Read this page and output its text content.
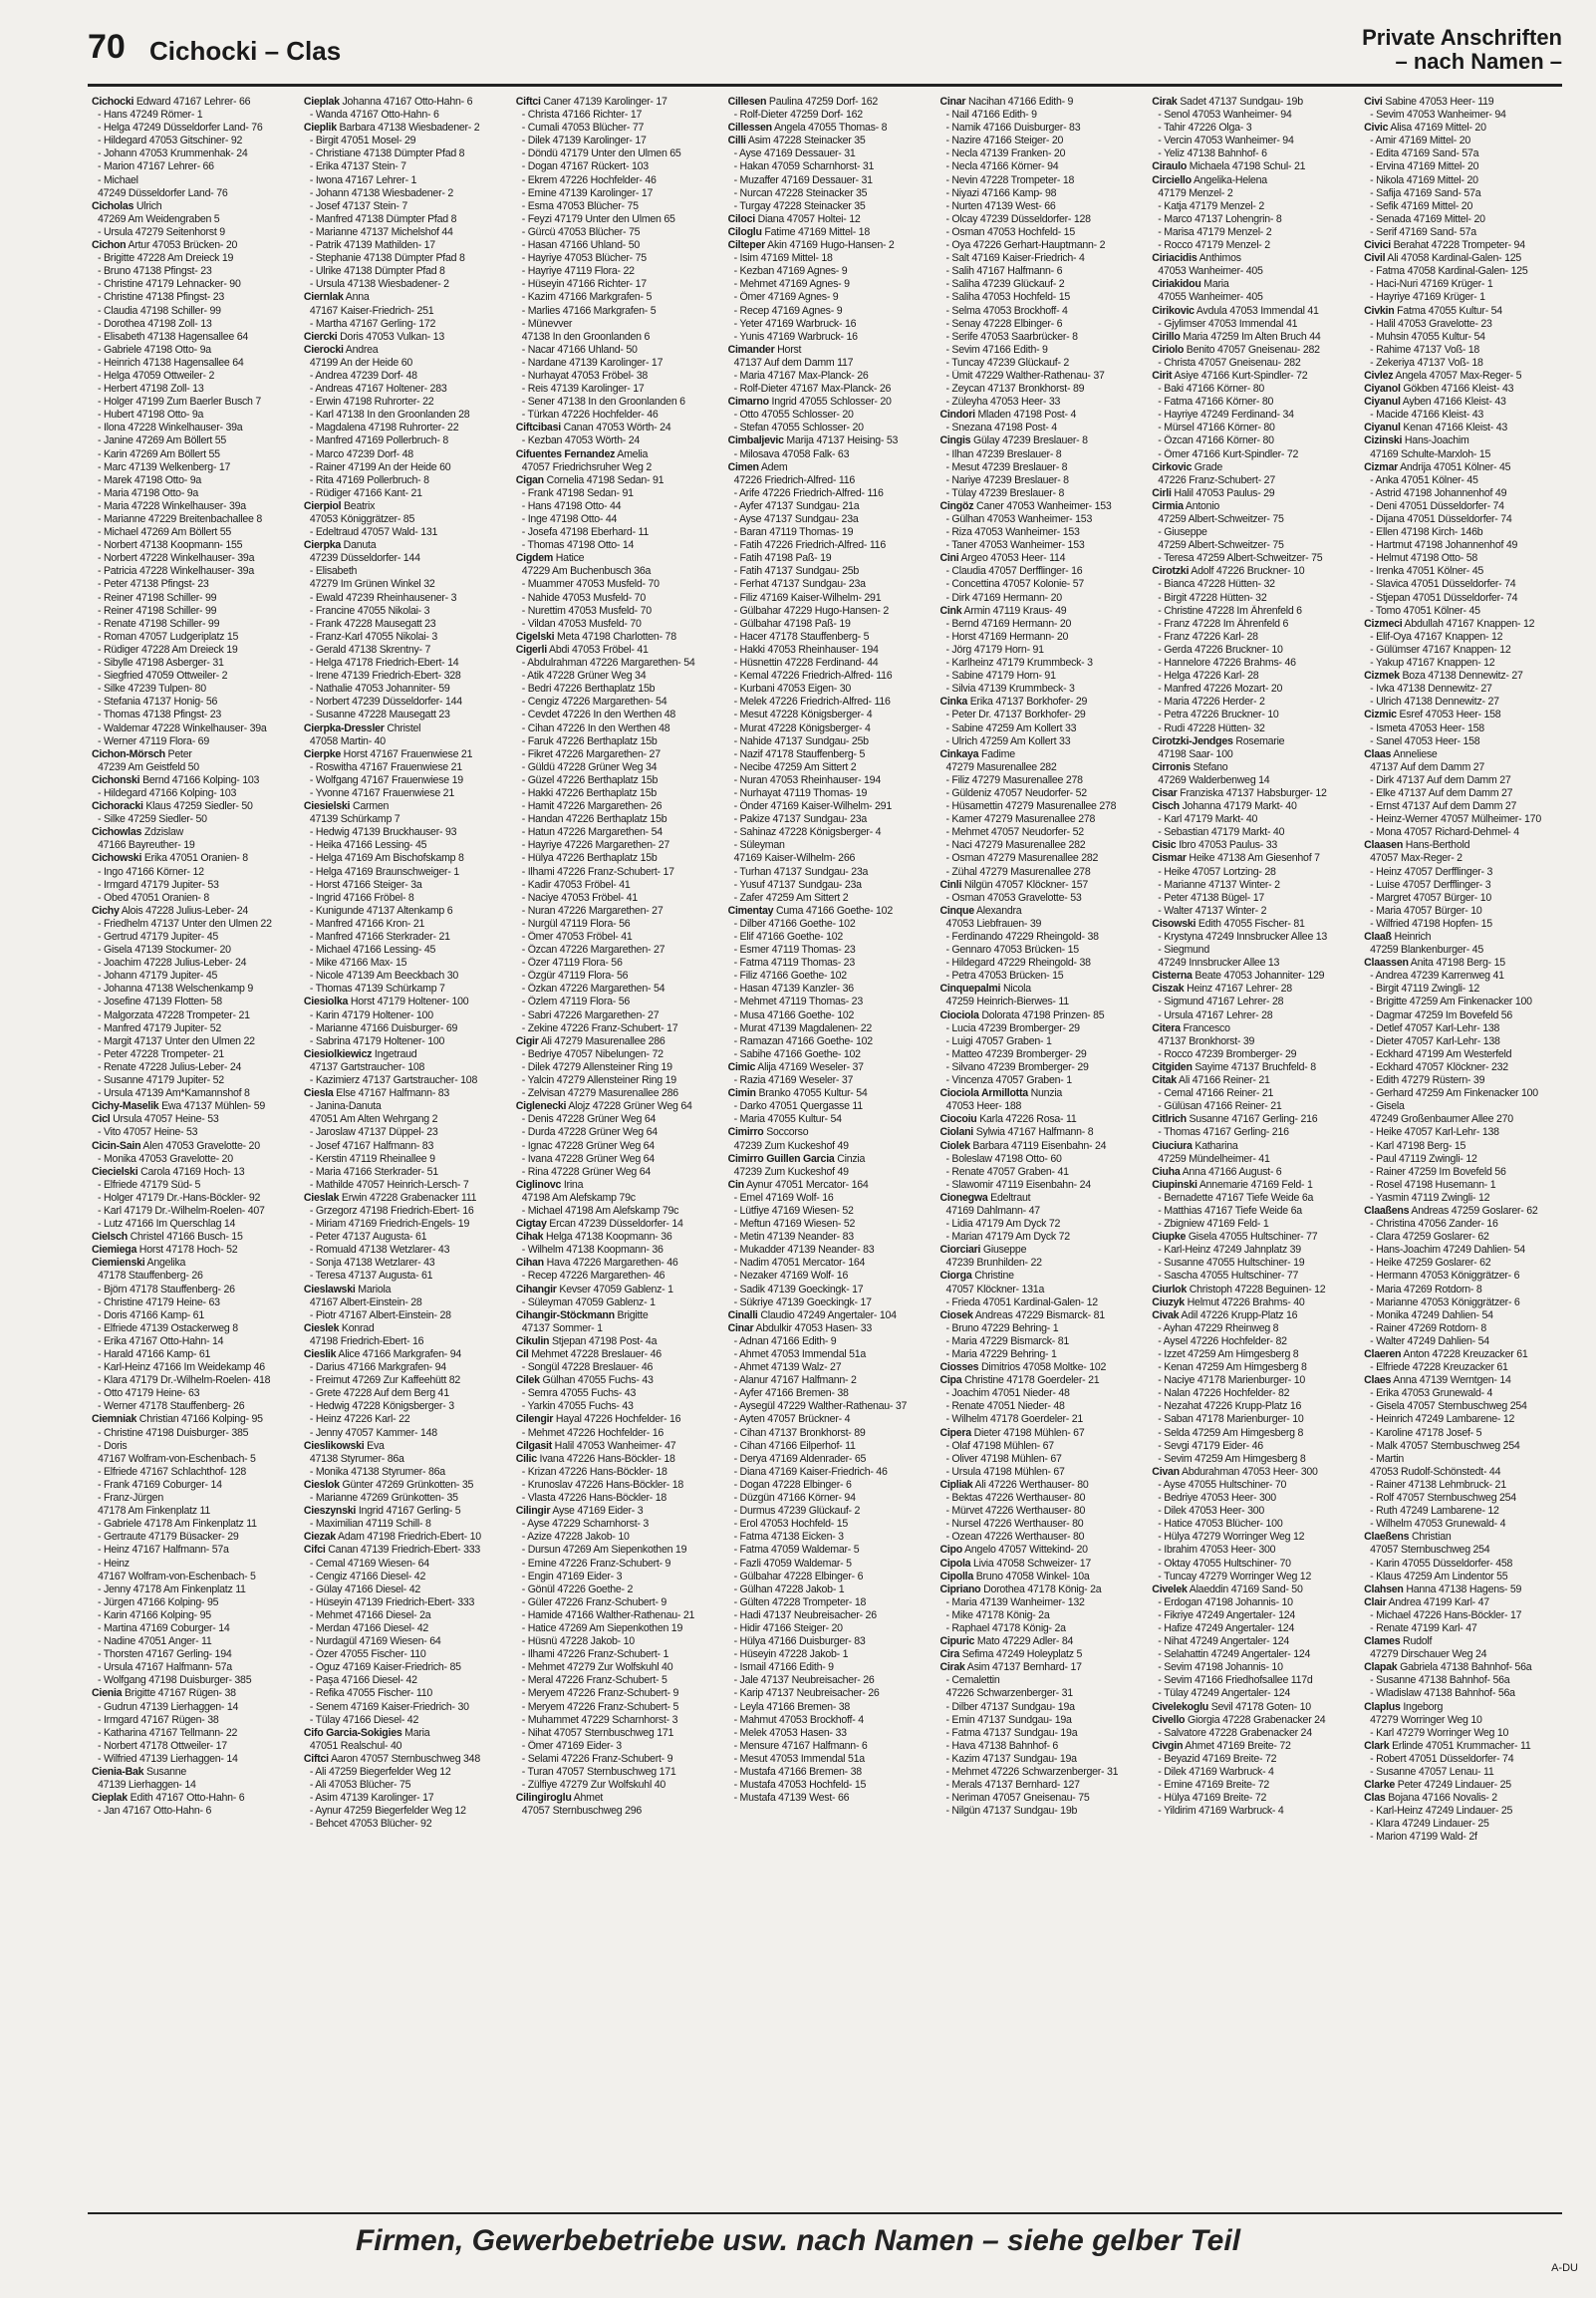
70 Cichocki – Clas	Private Anschriften
– nach Namen –
Cichocki Edward 47167 Lehrer- 66
- Hans 47249 Römer- 1
- Helga 47249 Düsseldorfer Land- 76
- Hildegard 47053 Gitschiner- 92
- Johann 47053 Krummenhak- 24
- Marion 47167 Lehrer- 66
- Michael
47249 Düsseldorfer Land- 76
Cicholas Ulrich
47269 Am Weidengraben 5
- Ursula 47279 Seitenhorst 9
Cichon Artur 47053 Brücken- 20
- Brigitte 47228 Am Dreieck 19
- Bruno 47138 Pfingst- 23
- Christine 47179 Lehnacker- 90
- Christine 47138 Pfingst- 23
- Claudia 47198 Schiller- 99
- Dorothea 47198 Zoll- 13
- Elisabeth 47138 Hagensallee 64
- Gabriele 47198 Otto- 9a
- Heinrich 47138 Hagensallee 64
- Helga 47059 Ottweiler- 2
- Herbert 47198 Zoll- 13
- Holger 47199 Zum Baerler Busch 7
- Hubert 47198 Otto- 9a
- Ilona 47228 Winkelhauser- 39a
- Janine 47269 Am Böllert 55
- Karin 47269 Am Böllert 55
- Marc 47139 Welkenberg- 17
- Marek 47198 Otto- 9a
- Maria 47198 Otto- 9a
- Maria 47228 Winkelhauser- 39a
- Marianne 47229 Breitenbachallee 8
- Michael 47269 Am Böllert 55
- Norbert 47138 Koopmann- 155
- Norbert 47228 Winkelhauser- 39a
- Patricia 47228 Winkelhauser- 39a
- Peter 47138 Pfingst- 23
- Reiner 47198 Schiller- 99
- Reiner 47198 Schiller- 99
- Renate 47198 Schiller- 99
- Roman 47057 Ludgeriplatz 15
- Rüdiger 47228 Am Dreieck 19
- Sibylle 47198 Asberger- 31
- Siegfried 47059 Ottweiler- 2
- Silke 47239 Tulpen- 80
- Stefania 47137 Honig- 56
- Thomas 47138 Pfingst- 23
- Waldemar 47228 Winkelhauser- 39a
- Werner 47119 Flora- 69
Cichon-Mörsch Peter
47239 Am Geistfeld 50
Cichonski Bernd 47166 Kolping- 103
- Hildegard 47166 Kolping- 103
Cichoracki Klaus 47259 Siedler- 50
- Silke 47259 Siedler- 50
Cichowlas Zdzislaw
47166 Bayreuther- 19
Cichowski Erika 47051 Oranien- 8
- Ingo 47166 Körner- 12
- Irmgard 47179 Jupiter- 53
- Obed 47051 Oranien- 8
Cichy Alois 47228 Julius-Leber- 24
- Friedhelm 47137 Unter den Ulmen 22
- Gertrud 47179 Jupiter- 45
- Gisela 47139 Stockumer- 20
- Joachim 47228 Julius-Leber- 24
- Johann 47179 Jupiter- 45
- Johanna 47138 Welschenkamp 9
- Josefine 47139 Flotten- 58
- Malgorzata 47228 Trompeter- 21
- Manfred 47179 Jupiter- 52
- Margit 47137 Unter den Ulmen 22
- Peter 47228 Trompeter- 21
- Renate 47228 Julius-Leber- 24
- Susanne 47179 Jupiter- 52
- Ursula 47139 Am*Kamannshof 8
Cichy-Maselik Ewa 47137 Mühlen- 59
Cicl Ursula 47057 Heine- 53
- Vito 47057 Heine- 53
Cicin-Sain Alen 47053 Gravelotte- 20
- Monika 47053 Gravelotte- 20
Ciecielski Carola 47169 Hoch- 13
- Elfriede 47179 Süd- 5
- Holger 47179 Dr.-Hans-Böckler- 92
- Karl 47179 Dr.-Wilhelm-Roelen- 407
- Lutz 47166 Im Querschlag 14
Cielsch Christel 47166 Busch- 15
Ciemiega Horst 47178 Hoch- 52
Ciemienski Angelika
47178 Stauffenberg- 26
- Björn 47178 Stauffenberg- 26
- Christine 47179 Heine- 63
- Doris 47166 Kamp- 61
- Elfriede 47139 Ostackerweg 8
- Erika 47167 Otto-Hahn- 14
- Harald 47166 Kamp- 61
- Karl-Heinz 47166 Im Weidekamp 46
- Klara 47179 Dr.-Wilhelm-Roelen- 418
- Otto 47179 Heine- 63
- Werner 47178 Stauffenberg- 26
Ciemniak Christian 47166 Kolping- 95
- Christine 47198 Duisburger- 385
- Doris
47167 Wolfram-von-Eschenbach- 5
- Elfriede 47167 Schlachthof- 128
- Frank 47169 Coburger- 14
- Franz-Jürgen
47178 Am Finkenplatz 11
- Gabriele 47178 Am Finkenplatz 11
- Gertraute 47179 Büsacker- 29
- Heinz 47167 Halfmann- 57a
- Heinz
47167 Wolfram-von-Eschenbach- 5
- Jenny 47178 Am Finkenplatz 11
- Jürgen 47166 Kolping- 95
- Karin 47166 Kolping- 95
- Martina 47169 Coburger- 14
- Nadine 47051 Anger- 11
- Thorsten 47167 Gerling- 194
- Ursula 47167 Halfmann- 57a
- Wolfgang 47198 Duisburger- 385
Cienia Brigitte 47167 Rügen- 38
- Gudrun 47139 Lierhaggen- 14
- Irmgard 47167 Rügen- 38
- Katharina 47167 Tellmann- 22
- Norbert 47178 Ottweiler- 17
- Wilfried 47139 Lierhaggen- 14
Cienia-Bak Susanne
47139 Lierhaggen- 14
Cieplak Edith 47167 Otto-Hahn- 6
- Jan 47167 Otto-Hahn- 6
Cieplak Johanna 47167 Otto-Hahn- 6
- Wanda 47167 Otto-Hahn- 6
Cieplik Barbara 47138 Wiesbadener- 2
- Birgit 47051 Mosel- 29
- Christiane 47138 Dümpter Pfad 8
- Erika 47137 Stein- 7
- Iwona 47167 Lehrer- 1
- Johann 47138 Wiesbadener- 2
- Josef 47137 Stein- 7
- Manfred 47138 Dümpter Pfad 8
- Marianne 47137 Michelshof 44
- Patrik 47139 Mathilden- 17
- Stephanie 47138 Dümpter Pfad 8
- Ulrike 47138 Dümpter Pfad 8
- Ursula 47138 Wiesbadener- 2
Ciernlak Anna
47167 Kaiser-Friedrich- 251
- Martha 47167 Gerling- 172
Ciercki Doris 47053 Vulkan- 13
Cierocki Andrea
47199 An der Heide 60
- Andrea 47239 Dorf- 48
- Andreas 47167 Holtener- 283
- Erwin 47198 Ruhrorter- 22
- Karl 47138 In den Groonlanden 28
- Magdalena 47198 Ruhrorter- 22
- Manfred 47169 Pollerbruch- 8
- Marco 47239 Dorf- 48
- Rainer 47199 An der Heide 60
- Rita 47169 Pollerbruch- 8
- Rüdiger 47166 Kant- 21
Cierpiol Beatrix
47053 Königgrätzer- 85
- Edeltraud 47057 Wald- 131
Cierpka Danuta
47239 Düsseldorfer- 144
- Elisabeth
47279 Im Grünen Winkel 32
- Ewald 47239 Rheinhausener- 3
- Francine 47055 Nikolai- 3
- Frank 47228 Mausegatt 23
- Franz-Karl 47055 Nikolai- 3
- Gerald 47138 Skrentny- 7
- Helga 47178 Friedrich-Ebert- 14
- Irene 47139 Friedrich-Ebert- 328
- Nathalie 47053 Johanniter- 59
- Norbert 47239 Düsseldorfer- 144
- Susanne 47228 Mausegatt 23
Cierpka-Dressler Christel
47058 Martin- 40
Cierpke Horst 47167 Frauenwiese 21
- Roswitha 47167 Frauenwiese 21
- Wolfgang 47167 Frauenwiese 19
- Yvonne 47167 Frauenwiese 21
Ciesielski Carmen
47139 Schürkamp 7
- Hedwig 47139 Bruckhauser- 93
- Heika 47166 Lessing- 45
- Helga 47169 Am Bischofskamp 8
- Helga 47169 Braunschweiger- 1
- Horst 47166 Steiger- 3a
- Ingrid 47166 Fröbel- 8
- Kunigunde 47137 Altenkamp 6
- Manfred 47166 Kron- 21
- Manfred 47166 Sterkrader- 21
- Michael 47166 Lessing- 45
- Mike 47166 Max- 15
- Nicole 47139 Am Beeckbach 30
- Thomas 47139 Schürkamp 7
Ciesiolka Horst 47179 Holtener- 100
- Karin 47179 Holtener- 100
- Marianne 47166 Duisburger- 69
- Sabrina 47179 Holtener- 100
Ciesiolkiewicz Ingetraud
47137 Gartstraucher- 108
- Kazimierz 47137 Gartstraucher- 108
Ciesla Else 47167 Halfmann- 83
- Janina-Danuta
47051 Am Alten Wehrgang 2
- Jaroslaw 47137 Düppel- 23
- Josef 47167 Halfmann- 83
- Kerstin 47119 Rheinallee 9
- Maria 47166 Sterkrader- 51
- Mathilde 47057 Heinrich-Lersch- 7
Cieslak Erwin 47228 Grabenacker 111
- Grzegorz 47198 Friedrich-Ebert- 16
- Miriam 47169 Friedrich-Engels- 19
- Peter 47137 Augusta- 61
- Romuald 47138 Wetzlarer- 43
- Sonja 47138 Wetzlarer- 43
- Teresa 47137 Augusta- 61
Cieslawski Mariola
47167 Albert-Einstein- 28
- Piotr 47167 Albert-Einstein- 28
Cieslek Konrad
47198 Friedrich-Ebert- 16
Cieslik Alice 47166 Markgrafen- 94
- Darius 47166 Markgrafen- 94
- Freimut 47269 Zur Kaffeehütt 82
- Grete 47228 Auf dem Berg 41
- Hedwig 47228 Königsberger- 3
- Heinz 47226 Karl- 22
- Jenny 47057 Kammer- 148
Cieslikowski Eva
47138 Styrumer- 86a
- Monika 47138 Styrumer- 86a
Cieslok Günter 47269 Grünkotten- 35
- Marianne 47269 Grünkotten- 35
Cieszynski Ingrid 47167 Gerling- 5
- Maximilian 47119 Schill- 8
Ciezak Adam 47198 Friedrich-Ebert- 10
Cifci Canan 47139 Friedrich-Ebert- 333
- Cemal 47169 Wiesen- 64
- Cengiz 47166 Diesel- 42
- Gülay 47166 Diesel- 42
- Hüseyin 47139 Friedrich-Ebert- 333
- Mehmet 47166 Diesel- 2a
- Merdan 47166 Diesel- 42
- Nurdagül 47169 Wiesen- 64
- Özer 47055 Fischer- 110
- Oguz 47169 Kaiser-Friedrich- 85
- Paşa 47166 Diesel- 42
- Refika 47055 Fischer- 110
- Senem 47169 Kaiser-Friedrich- 30
- Tülay 47166 Diesel- 42
Cifo Garcia-Sokigies Maria
47051 Realschul- 40
Ciftci Aaron 47057 Sternbuschweg 348
- Ali 47259 Biegerfelder Weg 12
- Ali 47053 Blücher- 75
- Asim 47139 Karolinger- 17
- Aynur 47259 Biegerfelder Weg 12
- Behcet 47053 Blücher- 92
Ciftci Caner 47139 Karolinger- 17
- Christa 47166 Richter- 17
- Cumali 47053 Blücher- 77
- Dilek 47139 Karolinger- 17
- Döndü 47179 Unter den Ulmen 65
- Dogan 47167 Rückert- 103
- Ekrem 47226 Hochfelder- 46
- Emine 47139 Karolinger- 17
- Esma 47053 Blücher- 75
- Feyzi 47179 Unter den Ulmen 65
- Gürcü 47053 Blücher- 75
- Hasan 47166 Uhland- 50
- Hayriye 47053 Blücher- 75
- Hayriye 47119 Flora- 22
- Hüseyin 47166 Richter- 17
- Kazim 47166 Markgrafen- 5
- Marlies 47166 Markgrafen- 5
- Münevver
47138 In den Groonlanden 6
- Nacar 47166 Uhland- 50
- Nardane 47139 Karolinger- 17
- Nurhayat 47053 Fröbel- 38
- Reis 47139 Karolinger- 17
- Sener 47138 In den Groonlanden 6
- Türkan 47226 Hochfelder- 46
Ciftcibasi Canan 47053 Wörth- 24
- Kezban 47053 Wörth- 24
Cifuentes Fernandez Amelia
47057 Friedrichsruher Weg 2
Cigan Cornelia 47198 Sedan- 91
- Frank 47198 Sedan- 91
- Hans 47198 Otto- 44
- Inge 47198 Otto- 44
- Josefa 47198 Eberhard- 11
- Thomas 47198 Otto- 14
Cigdem Hatice
47229 Am Buchenbusch 36a
- Muammer 47053 Musfeld- 70
- Nahide 47053 Musfeld- 70
- Nurettim 47053 Musfeld- 70
- Vildan 47053 Musfeld- 70
Cigelski Meta 47198 Charlotten- 78
Cigerli Abdi 47053 Fröbel- 41
- Abdulrahman 47226 Margarethen- 54
- Atik 47228 Grüner Weg 34
- Bedri 47226 Berthaplatz 15b
- Cengiz 47226 Margarethen- 54
- Cevdet 47226 In den Werthen 48
- Cihan 47226 In den Werthen 48
- Faruk 47226 Berthaplatz 15b
- Fikret 47226 Margarethen- 27
- Güldü 47228 Grüner Weg 34
- Güzel 47226 Berthaplatz 15b
- Hakki 47226 Berthaplatz 15b
- Hamit 47226 Margarethen- 26
- Handan 47226 Berthaplatz 15b
- Hatun 47226 Margarethen- 54
- Hayriye 47226 Margarethen- 27
- Hülya 47226 Berthaplatz 15b
- Ilhami 47226 Franz-Schubert- 17
- Kadir 47053 Fröbel- 41
- Naciye 47053 Fröbel- 41
- Nuran 47226 Margarethen- 27
- Nurgül 47119 Flora- 56
- Ömer 47053 Fröbel- 41
- Özcan 47226 Margarethen- 27
- Özer 47119 Flora- 56
- Özgür 47119 Flora- 56
- Özkan 47226 Margarethen- 54
- Özlem 47119 Flora- 56
- Sabri 47226 Margarethen- 27
- Zekine 47226 Franz-Schubert- 17
Cigir Ali 47279 Masurenallee 286
- Bedriye 47057 Nibelungen- 72
- Dilek 47279 Allensteiner Ring 19
- Yalcin 47279 Allensteiner Ring 19
- Zelvisan 47279 Masurenallee 286
Ciglenecki Alojz 47228 Grüner Weg 64
- Denis 47228 Grüner Weg 64
- Durda 47228 Grüner Weg 64
- Ignac 47228 Grüner Weg 64
- Ivana 47228 Grüner Weg 64
- Rina 47228 Grüner Weg 64
Ciglinovc Irina
47198 Am Alefskamp 79c
- Michael 47198 Am Alefskamp 79c
Cigtay Ercan 47239 Düsseldorfer- 14
Cihak Helga 47138 Koopmann- 36
- Wilhelm 47138 Koopmann- 36
Cihan Hava 47226 Margarethen- 46
- Recep 47226 Margarethen- 46
Cihangir Kevser 47059 Gablenz- 1
- Süleyman 47059 Gablenz- 1
Cihangir-Stöckmann Brigitte
47137 Sommer- 1
Cikulin Stjepan 47198 Post- 4a
Cil Mehmet 47228 Breslauer- 46
- Songül 47228 Breslauer- 46
Cilek Gülhan 47055 Fuchs- 43
- Semra 47055 Fuchs- 43
- Yarkin 47055 Fuchs- 43
Cilengir Hayal 47226 Hochfelder- 16
- Mehmet 47226 Hochfelder- 16
Cilgasit Halil 47053 Wanheimer- 47
Cilic Ivana 47226 Hans-Böckler- 18
- Krizan 47226 Hans-Böckler- 18
- Krunoslav 47226 Hans-Böckler- 18
- Vlasta 47226 Hans-Böckler- 18
Cilingir Ayse 47169 Eider- 3
- Ayse 47229 Scharnhorst- 3
- Azize 47228 Jakob- 10
- Dursun 47269 Am Siepenkothen 19
- Emine 47226 Franz-Schubert- 9
- Engin 47169 Eider- 3
- Gönül 47226 Goethe- 2
- Güler 47226 Franz-Schubert- 9
- Hamide 47166 Walther-Rathenau- 21
- Hatice 47269 Am Siepenkothen 19
- Hüsnü 47228 Jakob- 10
- Ilhami 47226 Franz-Schubert- 1
- Mehmet 47279 Zur Wolfskuhl 40
- Meral 47226 Franz-Schubert- 5
- Meryem 47226 Franz-Schubert- 9
- Meryem 47226 Franz-Schubert- 5
- Muhammet 47229 Scharnhorst- 3
- Nihat 47057 Sternbuschweg 171
- Ömer 47169 Eider- 3
- Selami 47226 Franz-Schubert- 9
- Turan 47057 Sternbuschweg 171
- Zülfiye 47279 Zur Wolfskuhl 40
Cilingiroglu Ahmet
47057 Sternbuschweg 296
Cillesen Paulina 47259 Dorf- 162
- Rolf-Dieter 47259 Dorf- 162
Cillessen Angela 47055 Thomas- 8
Cilli Asim 47228 Steinacker 35
- Ayse 47169 Dessauer- 31
- Hakan 47059 Scharnhorst- 31
- Muzaffer 47169 Dessauer- 31
- Nurcan 47228 Steinacker 35
- Turgay 47228 Steinacker 35
Ciloci Diana 47057 Holtei- 12
Ciloglu Fatime 47169 Mittel- 18
Cilteper Akin 47169 Hugo-Hansen- 2
- Isim 47169 Mittel- 18
- Kezban 47169 Agnes- 9
- Mehmet 47169 Agnes- 9
- Ömer 47169 Agnes- 9
- Recep 47169 Agnes- 9
- Yeter 47169 Warbruck- 16
- Yunis 47169 Warbruck- 16
Cimander Horst
47137 Auf dem Damm 117
- Maria 47167 Max-Planck- 26
- Rolf-Dieter 47167 Max-Planck- 26
Cimarno Ingrid 47055 Schlosser- 20
- Otto 47055 Schlosser- 20
- Stefan 47055 Schlosser- 20
Cimbaljevic Marija 47137 Heising- 53
- Milosava 47058 Falk- 63
Cimen Adem
47226 Friedrich-Alfred- 116
- Arife 47226 Friedrich-Alfred- 116
- Ayfer 47137 Sundgau- 21a
- Ayse 47137 Sundgau- 23a
- Baran 47119 Thomas- 19
- Fatih 47226 Friedrich-Alfred- 116
- Fatih 47198 Paß- 19
- Fatih 47137 Sundgau- 25b
- Ferhat 47137 Sundgau- 23a
- Filiz 47169 Kaiser-Wilhelm- 291
- Gülbahar 47229 Hugo-Hansen- 2
- Gülbahar 47198 Paß- 19
- Hacer 47178 Stauffenberg- 5
- Hakki 47053 Rheinhauser- 194
- Hüsnettin 47228 Ferdinand- 44
- Kemal 47226 Friedrich-Alfred- 116
- Kurbani 47053 Eigen- 30
- Melek 47226 Friedrich-Alfred- 116
- Mesut 47228 Königsberger- 4
- Murat 47228 Königsberger- 4
- Nahide 47137 Sundgau- 25b
- Nazif 47178 Stauffenberg- 5
- Necibe 47259 Am Sittert 2
- Nuran 47053 Rheinhauser- 194
- Nurhayat 47119 Thomas- 19
- Önder 47169 Kaiser-Wilhelm- 291
- Pakize 47137 Sundgau- 23a
- Sahinaz 47228 Königsberger- 4
- Süleyman
47169 Kaiser-Wilhelm- 266
- Turhan 47137 Sundgau- 23a
- Yusuf 47137 Sundgau- 23a
- Zafer 47259 Am Sittert 2
Cimentay Cuma 47166 Goethe- 102
- Dilber 47166 Goethe- 102
- Elif 47166 Goethe- 102
- Esmer 47119 Thomas- 23
- Fatma 47119 Thomas- 23
- Filiz 47166 Goethe- 102
- Hasan 47139 Kanzler- 36
- Mehmet 47119 Thomas- 23
- Musa 47166 Goethe- 102
- Murat 47139 Magdalenen- 22
- Ramazan 47166 Goethe- 102
- Sabihe 47166 Goethe- 102
Cimic Alija 47169 Weseler- 37
- Razia 47169 Weseler- 37
Cimin Branko 47055 Kultur- 54
- Darko 47051 Quergasse 11
- Maria 47055 Kultur- 54
Cimirro Soccorso
47239 Zum Kuckeshof 49
Cimirro Guillen Garcia Cinzia
47239 Zum Kuckeshof 49
Cin Aynur 47051 Mercator- 164
- Emel 47169 Wolf- 16
- Lütfiye 47169 Wiesen- 52
- Meftun 47169 Wiesen- 52
- Metin 47139 Neander- 83
- Mukadder 47139 Neander- 83
- Nadim 47051 Mercator- 164
- Nezaker 47169 Wolf- 16
- Sadik 47139 Goeckingk- 17
- Sükriye 47139 Goeckingk- 17
Cinalli Claudio 47249 Angertaler- 104
Cinar Abdulkir 47053 Hasen- 33
- Adnan 47166 Edith- 9
- Ahmet 47053 Immendal 51a
- Ahmet 47139 Walz- 27
- Alanur 47167 Halfmann- 2
- Ayfer 47166 Bremen- 38
- Aysegül 47229 Walther-Rathenau- 37
- Ayten 47057 Brückner- 4
- Cihan 47137 Bronkhorst- 89
- Cihan 47166 Eilperhof- 11
- Derya 47169 Aldenrader- 65
- Diana 47169 Kaiser-Friedrich- 46
- Dogan 47228 Elbinger- 6
- Düzgün 47166 Körner- 94
- Durmus 47239 Glückauf- 2
- Erol 47053 Hochfeld- 15
- Fatma 47138 Eicken- 3
- Fatma 47059 Waldemar- 5
- Fazli 47059 Waldemar- 5
- Gülbahar 47228 Elbinger- 6
- Gülhan 47228 Jakob- 1
- Gülten 47228 Trompeter- 18
- Hadi 47137 Neubreisacher- 26
- Hidir 47166 Steiger- 20
- Hülya 47166 Duisburger- 83
- Hüseyin 47228 Jakob- 1
- Ismail 47166 Edith- 9
- Jale 47137 Neubreisacher- 26
- Karip 47137 Neubreisacher- 26
- Leyla 47166 Bremen- 38
- Mahmut 47053 Brockhoff- 4
- Melek 47053 Hasen- 33
- Mensure 47167 Halfmann- 6
- Mesut 47053 Immendal 51a
- Mustafa 47166 Bremen- 38
- Mustafa 47053 Hochfeld- 15
- Mustafa 47139 West- 66
Cinar Nacihan 47166 Edith- 9
- Nail 47166 Edith- 9
- Namik 47166 Duisburger- 83
- Nazire 47166 Steiger- 20
- Necla 47139 Franken- 20
- Necla 47166 Körner- 94
- Nevin 47228 Trompeter- 18
- Niyazi 47166 Kamp- 98
- Nurten 47139 West- 66
- Olcay 47239 Düsseldorfer- 128
- Osman 47053 Hochfeld- 15
- Oya 47226 Gerhart-Hauptmann- 2
- Salt 47169 Kaiser-Friedrich- 4
- Salih 47167 Halfmann- 6
- Saliha 47239 Glückauf- 2
- Saliha 47053 Hochfeld- 15
- Selma 47053 Brockhoff- 4
- Senay 47228 Elbinger- 6
- Serife 47053 Saarbrücker- 8
- Sevim 47166 Edith- 9
- Tuncay 47239 Glückauf- 2
- Ümit 47229 Walther-Rathenau- 37
- Zeycan 47137 Bronkhorst- 89
- Züleyha 47053 Heer- 33
Cindori Mladen 47198 Post- 4
- Snezana 47198 Post- 4
Cingis Gülay 47239 Breslauer- 8
- Ilhan 47239 Breslauer- 8
- Mesut 47239 Breslauer- 8
- Nariye 47239 Breslauer- 8
- Tülay 47239 Breslauer- 8
Cingöz Caner 47053 Wanheimer- 153
- Gülhan 47053 Wanheimer- 153
- Riza 47053 Wanheimer- 153
- Taner 47053 Wanheimer- 153
Cini Argeo 47053 Heer- 114
- Claudia 47057 Derfflinger- 16
- Concettina 47057 Kolonie- 57
- Dirk 47169 Hermann- 20
Cink Armin 47119 Kraus- 49
- Bernd 47169 Hermann- 20
- Horst 47169 Hermann- 20
- Jörg 47179 Horn- 91
- Karlheinz 47179 Krummbeck- 3
- Sabine 47179 Horn- 91
- Silvia 47139 Krummbeck- 3
Cinka Erika 47137 Borkhofer- 29
- Peter Dr. 47137 Borkhofer- 29
- Sabine 47259 Am Kollert 33
- Ulrich 47259 Am Kollert 33
Cinkaya Fadime
47279 Masurenallee 282
- Filiz 47279 Masurenallee 278
- Güldeniz 47057 Neudorfer- 52
- Hüsamettin 47279 Masurenallee 278
- Kamer 47279 Masurenallee 278
- Mehmet 47057 Neudorfer- 52
- Naci 47279 Masurenallee 282
- Osman 47279 Masurenallee 282
- Zühal 47279 Masurenallee 278
Cinli Nilgün 47057 Klöckner- 157
- Osman 47053 Gravelotte- 53
Cinque Alexandra
47053 Liebfrauen- 39
- Ferdinando 47229 Rheingold- 38
- Gennaro 47053 Brücken- 15
- Hildegard 47229 Rheingold- 38
- Petra 47053 Brücken- 15
Cinquepalmi Nicola
47259 Heinrich-Bierwes- 11
Ciociola Dolorata 47198 Prinzen- 85
- Lucia 47239 Bromberger- 29
- Luigi 47057 Graben- 1
- Matteo 47239 Bromberger- 29
- Silvano 47239 Bromberger- 29
- Vincenza 47057 Graben- 1
Ciociola Armillotta Nunzia
47053 Heer- 188
Ciocoiu Karla 47226 Rosa- 11
Ciolani Sylwia 47167 Halfmann- 8
Ciolek Barbara 47119 Eisenbahn- 24
- Boleslaw 47198 Otto- 60
- Renate 47057 Graben- 41
- Slawomir 47119 Eisenbahn- 24
Cionegwa Edeltraut
47169 Dahlmann- 47
- Lidia 47179 Am Dyck 72
- Marian 47179 Am Dyck 72
Ciorciari Giuseppe
47239 Brunhilden- 22
Ciorga Christine
47057 Klöckner- 131a
- Frieda 47051 Kardinal-Galen- 12
Ciosek Andreas 47229 Bismarck- 81
- Bruno 47229 Behring- 1
- Maria 47229 Bismarck- 81
- Maria 47229 Behring- 1
Ciosses Dimitrios 47058 Moltke- 102
Cipa Christine 47178 Goerdeler- 21
- Joachim 47051 Nieder- 48
- Renate 47051 Nieder- 48
- Wilhelm 47178 Goerdeler- 21
Cipera Dieter 47198 Mühlen- 67
- Olaf 47198 Mühlen- 67
- Oliver 47198 Mühlen- 67
- Ursula 47198 Mühlen- 67
Cipliak Ali 47226 Werthauser- 80
- Bektas 47226 Werthauser- 80
- Mürvet 47226 Werthauser- 80
- Nursel 47226 Werthauser- 80
- Ozean 47226 Werthauser- 80
Cipo Angelo 47057 Wittekind- 20
Cipola Livia 47058 Schweizer- 17
Cipolla Bruno 47058 Winkel- 10a
Cipriano Dorothea 47178 König- 2a
- Maria 47139 Wanheimer- 132
- Mike 47178 König- 2a
- Raphael 47178 König- 2a
Cipuric Mato 47229 Adler- 84
Cira Sefima 47249 Holeyplatz 5
Cirak Asim 47137 Bernhard- 17
- Cemalettin
47226 Schwarzenberger- 31
- Dilber 47137 Sundgau- 19a
- Emin 47137 Sundgau- 19a
- Fatma 47137 Sundgau- 19a
- Hava 47138 Bahnhof- 6
- Kazim 47137 Sundgau- 19a
- Mehmet 47226 Schwarzenberger- 31
- Merals 47137 Bernhard- 127
- Neriman 47057 Gneisenau- 75
- Nilgün 47137 Sundgau- 19b
Cirak Sadet 47137 Sundgau- 19b
- Senol 47053 Wanheimer- 94
- Tahir 47226 Olga- 3
- Vercin 47053 Wanheimer- 94
- Yeliz 47138 Bahnhof- 6
Ciraulo Michaela 47198 Schul- 21
Circiello Angelika-Helena
47179 Menzel- 2
- Katja 47179 Menzel- 2
- Marco 47137 Lohengrin- 8
- Marisa 47179 Menzel- 2
- Rocco 47179 Menzel- 2
Ciriacidis Anthimos
47053 Wanheimer- 405
Ciriakidou Maria
47055 Wanheimer- 405
Cirikovic Avdula 47053 Immendal 41
- Gjylimser 47053 Immendal 41
Cirillo Maria 47259 Im Alten Bruch 44
Ciriolo Benito 47057 Gneisenau- 282
- Christa 47057 Gneisenau- 282
Cirit Asiye 47166 Kurt-Spindler- 72
- Baki 47166 Körner- 80
- Fatma 47166 Körner- 80
- Hayriye 47249 Ferdinand- 34
- Mürsel 47166 Körner- 80
- Özcan 47166 Körner- 80
- Ömer 47166 Kurt-Spindler- 72
Cirkovic Grade
47226 Franz-Schubert- 27
Cirli Halil 47053 Paulus- 29
Cirmia Antonio
47259 Albert-Schweitzer- 75
- Giuseppe
47259 Albert-Schweitzer- 75
- Teresa 47259 Albert-Schweitzer- 75
Cirotzki Adolf 47226 Bruckner- 10
- Bianca 47228 Hütten- 32
- Birgit 47228 Hütten- 32
- Christine 47228 Im Ährenfeld 6
- Franz 47228 Im Ährenfeld 6
- Franz 47226 Karl- 28
- Gerda 47226 Bruckner- 10
- Hannelore 47226 Brahms- 46
- Helga 47226 Karl- 28
- Manfred 47226 Mozart- 20
- Maria 47226 Herder- 2
- Petra 47226 Bruckner- 10
- Rudi 47228 Hütten- 32
Cirotzki-Jendges Rosemarie
47198 Saar- 100
Cirronis Stefano
47269 Walderbenweg 14
Cisar Franziska 47137 Habsburger- 12
Cisch Johanna 47179 Markt- 40
- Karl 47179 Markt- 40
- Sebastian 47179 Markt- 40
Cisic Ibro 47053 Paulus- 33
Cismar Heike 47138 Am Giesenhof 7
- Heike 47057 Lortzing- 28
- Marianne 47137 Winter- 2
- Peter 47138 Bügel- 17
- Walter 47137 Winter- 2
Cisowski Edith 47055 Fischer- 81
- Krystyna 47249 Innsbrucker Allee 13
- Siegmund
47249 Innsbrucker Allee 13
Cisterna Beate 47053 Johanniter- 129
Ciszak Heinz 47167 Lehrer- 28
- Sigmund 47167 Lehrer- 28
- Ursula 47167 Lehrer- 28
Citera Francesco
47137 Bronkhorst- 39
- Rocco 47239 Bromberger- 29
Citgiden Sayime 47137 Bruchfeld- 8
Citak Ali 47166 Reiner- 21
- Cemal 47166 Reiner- 21
- Gülüsan 47166 Reiner- 21
Citlrich Susanne 47167 Gerling- 216
- Thomas 47167 Gerling- 216
Ciuciura Katharina
47259 Mündelheimer- 41
Ciuha Anna 47166 August- 6
Ciupinski Annemarie 47169 Feld- 1
- Bernadette 47167 Tiefe Weide 6a
- Matthias 47167 Tiefe Weide 6a
- Zbigniew 47169 Feld- 1
Ciupke Gisela 47055 Hultschiner- 77
- Karl-Heinz 47249 Jahnplatz 39
- Susanne 47055 Hultschiner- 19
- Sascha 47055 Hultschiner- 77
Ciurlok Christoph 47228 Beguinen- 12
Ciuzyk Helmut 47226 Brahms- 40
Civak Adil 47226 Krupp-Platz 16
- Ayhan 47229 Rheinweg 8
- Aysel 47226 Hochfelder- 82
- Izzet 47259 Am Himgesberg 8
- Kenan 47259 Am Himgesberg 8
- Naciye 47178 Marienburger- 10
- Nalan 47226 Hochfelder- 82
- Nezahat 47226 Krupp-Platz 16
- Saban 47178 Marienburger- 10
- Selda 47259 Am Himgesberg 8
- Sevgi 47179 Eider- 46
- Sevim 47259 Am Himgesberg 8
Civan Abdurahman 47053 Heer- 300
- Ayse 47055 Hultschiner- 70
- Bedriye 47053 Heer- 300
- Dilek 47053 Heer- 300
- Hatice 47053 Blücher- 100
- Hülya 47279 Worringer Weg 12
- Ibrahim 47053 Heer- 300
- Oktay 47055 Hultschiner- 70
- Tuncay 47279 Worringer Weg 12
Civelek Alaeddin 47169 Sand- 50
- Erdogan 47198 Johannis- 10
- Fikriye 47249 Angertaler- 124
- Hafize 47249 Angertaler- 124
- Nihat 47249 Angertaler- 124
- Selahattin 47249 Angertaler- 124
- Sevim 47198 Johannis- 10
- Sevim 47166 Friedhofsallee 117d
- Tülay 47249 Angertaler- 124
Civelekoglu Sevil 47178 Goten- 10
Civello Giorgia 47228 Grabenacker 24
- Salvatore 47228 Grabenacker 24
Civgin Ahmet 47169 Breite- 72
- Beyazid 47169 Breite- 72
- Dilek 47169 Warbruck- 4
- Emine 47169 Breite- 72
- Hülya 47169 Breite- 72
- Yildirim 47169 Warbruck- 4
Civi Sabine 47053 Heer- 119
- Sevim 47053 Wanheimer- 94
Civic Alisa 47169 Mittel- 20
- Amir 47169 Mittel- 20
- Edita 47169 Sand- 57a
- Ervina 47169 Mittel- 20
- Nikola 47169 Mittel- 20
- Safija 47169 Sand- 57a
- Sefik 47169 Mittel- 20
- Senada 47169 Mittel- 20
- Serif 47169 Sand- 57a
Civici Berahat 47228 Trompeter- 94
Civil Ali 47058 Kardinal-Galen- 125
- Fatma 47058 Kardinal-Galen- 125
- Haci-Nuri 47169 Krüger- 1
- Hayriye 47169 Krüger- 1
Civkin Fatma 47055 Kultur- 54
- Halil 47053 Gravelotte- 23
- Muhsin 47055 Kultur- 54
- Rahime 47137 Voß- 18
- Zekeriya 47137 Voß- 18
Civlez Angela 47057 Max-Reger- 5
Ciyanol Gökben 47166 Kleist- 43
Ciyanul Ayben 47166 Kleist- 43
- Macide 47166 Kleist- 43
Ciyanul Kenan 47166 Kleist- 43
Cizinski Hans-Joachim
47169 Schulte-Marxloh- 15
Cizmar Andrija 47051 Kölner- 45
- Anka 47051 Kölner- 45
- Astrid 47198 Johannenhof 49
- Deni 47051 Düsseldorfer- 74
- Dijana 47051 Düsseldorfer- 74
- Ellen 47198 Kirch- 146b
- Hartmut 47198 Johannenhof 49
- Helmut 47198 Otto- 58
- Irenka 47051 Kölner- 45
- Slavica 47051 Düsseldorfer- 74
- Stjepan 47051 Düsseldorfer- 74
- Tomo 47051 Kölner- 45
Cizmeci Abdullah 47167 Knappen- 12
- Elif-Oya 47167 Knappen- 12
- Gülümser 47167 Knappen- 12
- Yakup 47167 Knappen- 12
Cizmek Boza 47138 Dennewitz- 27
- Ivka 47138 Dennewitz- 27
- Ulrich 47138 Dennewitz- 27
Cizmic Esref 47053 Heer- 158
- Ismeta 47053 Heer- 158
- Sanel 47053 Heer- 158
Claas Anneliese
47137 Auf dem Damm 27
- Dirk 47137 Auf dem Damm 27
- Elke 47137 Auf dem Damm 27
- Ernst 47137 Auf dem Damm 27
- Heinz-Werner 47057 Mülheimer- 170
- Mona 47057 Richard-Dehmel- 4
Claasen Hans-Berthold
47057 Max-Reger- 2
- Heinz 47057 Derfflinger- 3
- Luise 47057 Derfflinger- 3
- Margret 47057 Bürger- 10
- Maria 47057 Bürger- 10
- Wilfried 47198 Hopfen- 15
Claaß Heinrich
47259 Blankenburger- 45
Claassen Anita 47198 Berg- 15
- Andrea 47239 Karrenweg 41
- Birgit 47119 Zwingli- 12
- Brigitte 47259 Am Finkenacker 100
- Dagmar 47259 Im Bovefeld 56
- Detlef 47057 Karl-Lehr- 138
- Dieter 47057 Karl-Lehr- 138
- Eckhard 47199 Am Westerfeld
- Eckhard 47057 Klöckner- 232
- Edith 47279 Rüstern- 39
- Gerhard 47259 Am Finkenacker 100
- Gisela
47249 Großenbaumer Allee 270
- Heike 47057 Karl-Lehr- 138
- Karl 47198 Berg- 15
- Paul 47119 Zwingli- 12
- Rainer 47259 Im Bovefeld 56
- Rosel 47198 Husemann- 1
- Yasmin 47119 Zwingli- 12
Claaßens Andreas 47259 Goslarer- 62
- Christina 47056 Zander- 16
- Clara 47259 Goslarer- 62
- Hans-Joachim 47249 Dahlien- 54
- Heike 47259 Goslarer- 62
- Hermann 47053 Königgrätzer- 6
- Maria 47269 Rotdorn- 8
- Marianne 47053 Königgrätzer- 6
- Monika 47249 Dahlien- 54
- Rainer 47269 Rotdorn- 8
- Walter 47249 Dahlien- 54
Claeren Anton 47228 Kreuzacker 61
- Elfriede 47228 Kreuzacker 61
Claes Anna 47139 Werntgen- 14
- Erika 47053 Grunewald- 4
- Gisela 47057 Sternbuschweg 254
- Heinrich 47249 Lambarene- 12
- Karoline 47178 Josef- 5
- Malk 47057 Sternbuschweg 254
- Martin
47053 Rudolf-Schönstedt- 44
- Rainer 47138 Lehmbruck- 21
- Rolf 47057 Sternbuschweg 254
- Ruth 47249 Lambarene- 12
- Wilhelm 47053 Grunewald- 4
Claeßens Christian
47057 Sternbuschweg 254
- Karin 47055 Düsseldorfer- 458
- Klaus 47259 Am Lindentor 55
Clahsen Hanna 47138 Hagens- 59
Clair Andrea 47199 Karl- 47
- Michael 47226 Hans-Böckler- 17
- Renate 47199 Karl- 47
Clames Rudolf
47279 Dirschauer Weg 24
Clapak Gabriela 47138 Bahnhof- 56a
- Susanne 47138 Bahnhof- 56a
- Wladislaw 47138 Bahnhof- 56a
Claplus Ingeborg
47279 Worringer Weg 10
- Karl 47279 Worringer Weg 10
Clark Erlinde 47051 Krummacher- 11
- Robert 47051 Düsseldorfer- 74
- Susanne 47057 Lenau- 11
Clarke Peter 47249 Lindauer- 25
Clas Bojana 47166 Novalis- 2
- Karl-Heinz 47249 Lindauer- 25
- Klara 47249 Lindauer- 25
- Marion 47199 Wald- 2f
Firmen, Gewerbebetriebe usw. nach Namen – siehe gelber Teil
A-DU
